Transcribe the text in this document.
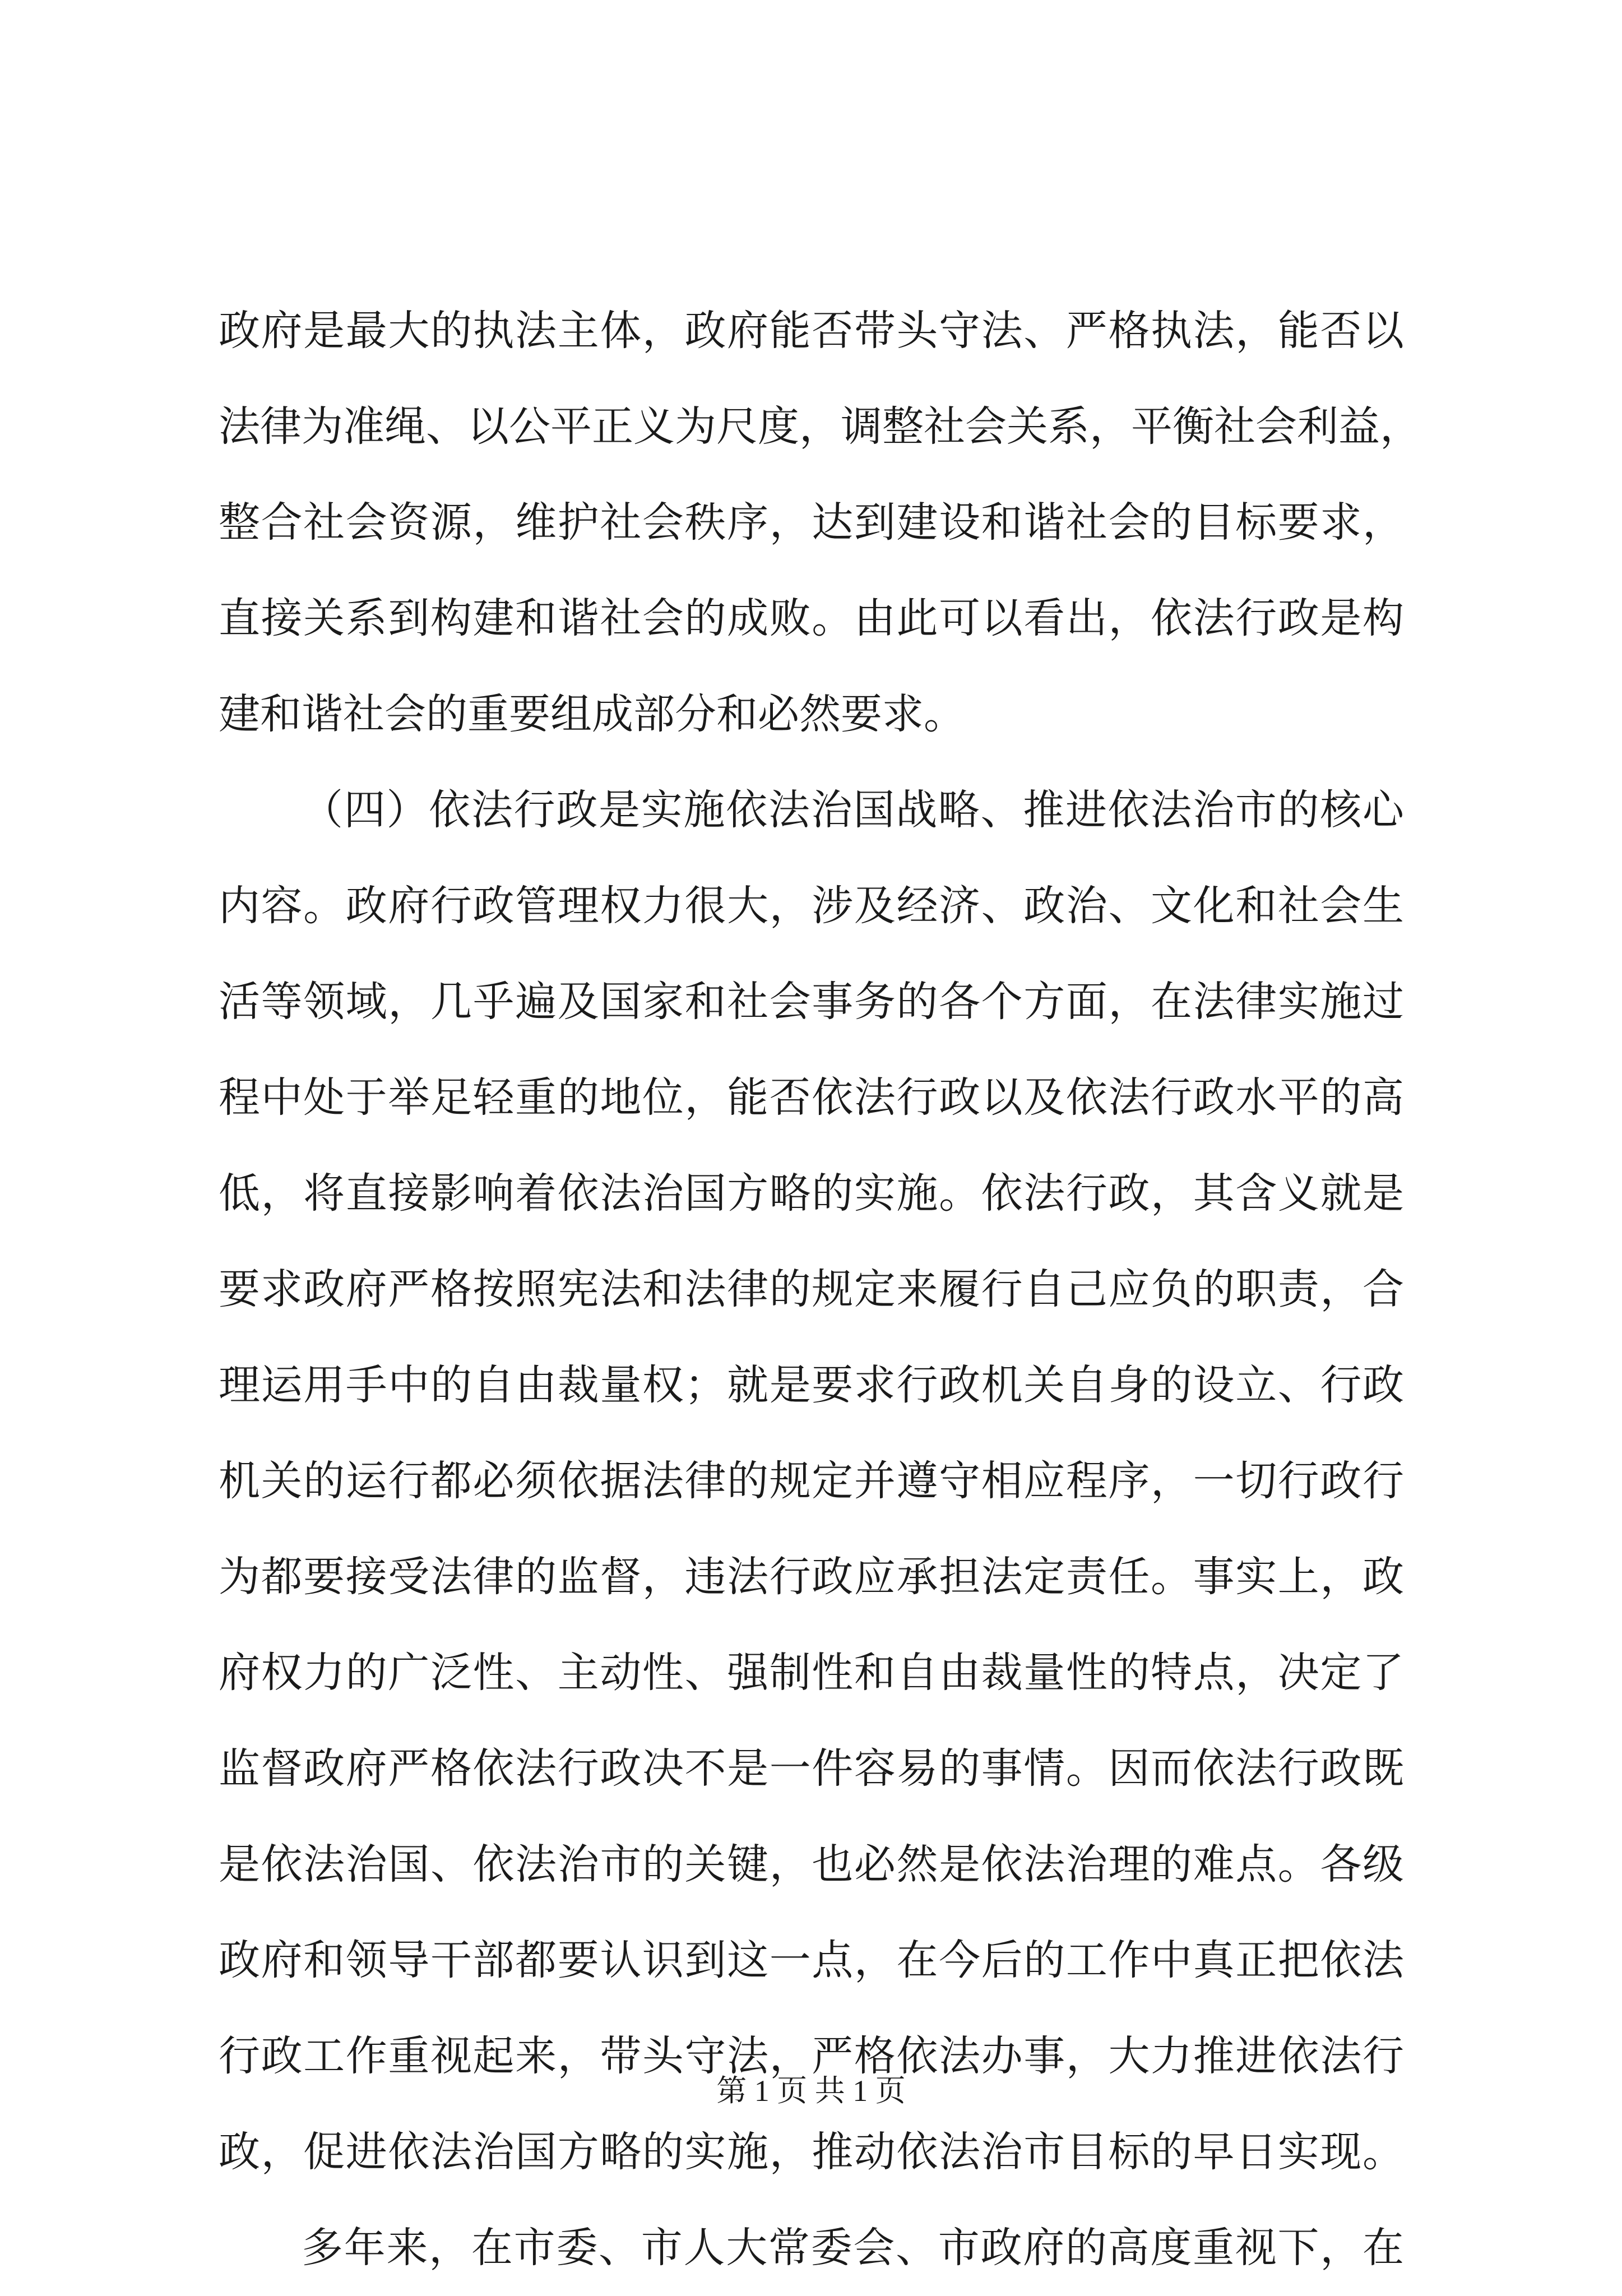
政府是最大的执法主体，政府能否带头守法、严格执法，能否以
法律为准绳、以公平正义为尺度，调整社会关系，平衡社会利益，
整合社会资源，维护社会秩序，达到建设和谐社会的目标要求，
直接关系到构建和谐社会的成败。由此可以看出，依法行政是构
建和谐社会的重要组成部分和必然要求。
（四）依法行政是实施依法治国战略、推进依法治市的核心
内容。政府行政管理权力很大，涉及经济、政治、文化和社会生
活等领域，几乎遍及国家和社会事务的各个方面，在法律实施过
程中处于举足轻重的地位，能否依法行政以及依法行政水平的高
低，将直接影响着依法治国方略的实施。依法行政，其含义就是
要求政府严格按照宪法和法律的规定来履行自己应负的职责，合
理运用手中的自由裁量权；就是要求行政机关自身的设立、行政
机关的运行都必须依据法律的规定并遵守相应程序，一切行政行
为都要接受法律的监督，违法行政应承担法定责任。事实上，政
府权力的广泛性、主动性、强制性和自由裁量性的特点，决定了
监督政府严格依法行政决不是一件容易的事情。因而依法行政既
是依法治国、依法治市的关键，也必然是依法治理的难点。各级
政府和领导干部都要认识到这一点，在今后的工作中真正把依法
行政工作重视起来，带头守法，严格依法办事，大力推进依法行
政，促进依法治国方略的实施，推动依法治市目标的早日实现。
多年来，在市委、市人大常委会、市政府的高度重视下，在
第 1 页 共 1 页
